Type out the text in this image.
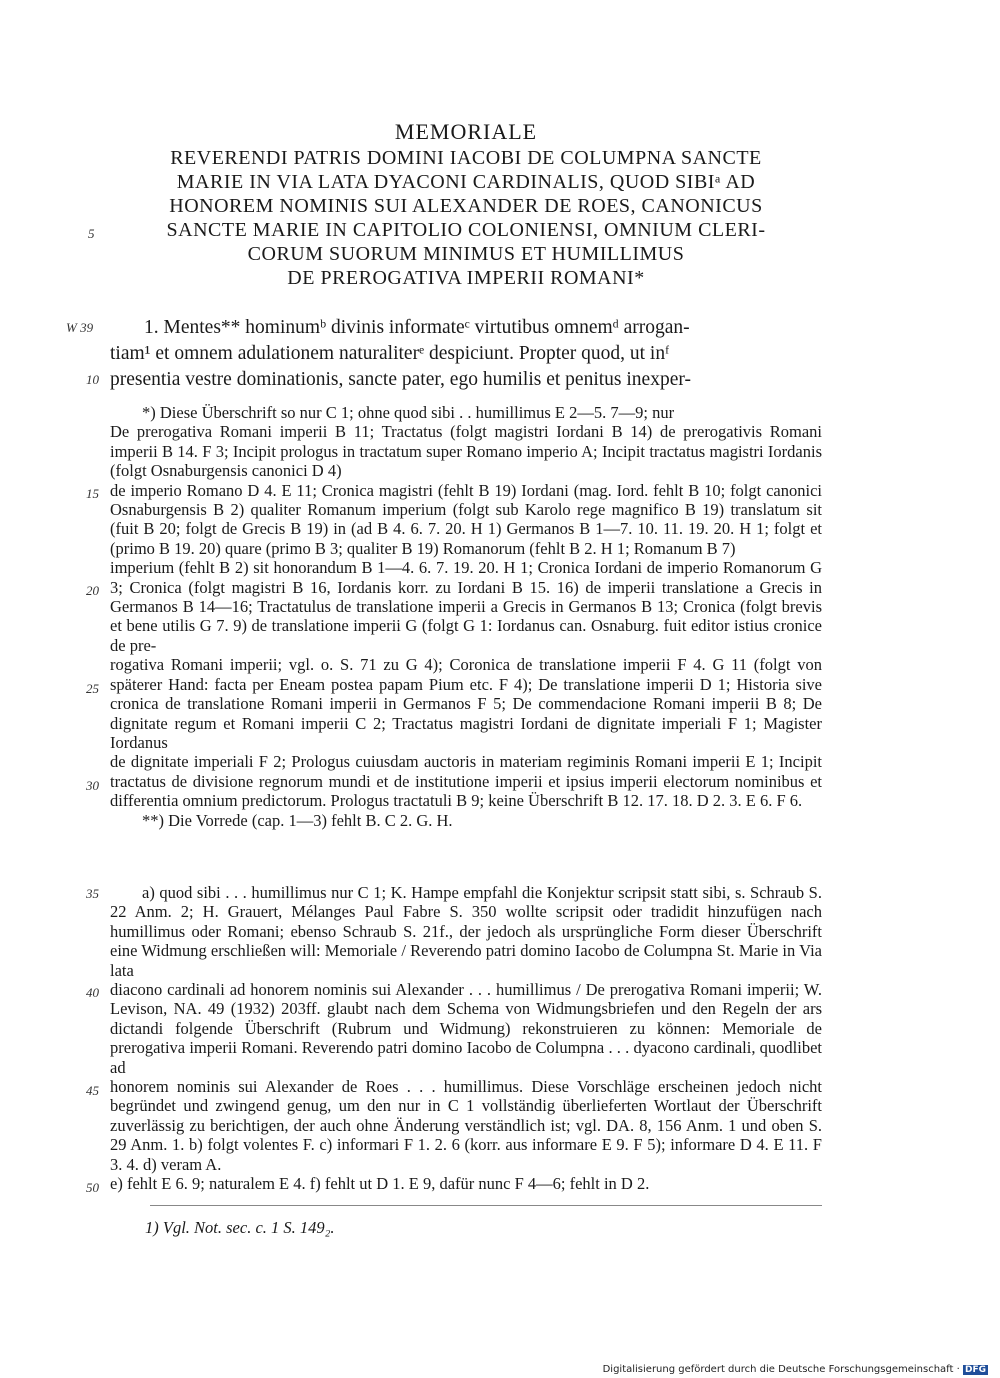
MEMORIALE
REVERENDI PATRIS DOMINI IACOBI DE COLUMPNA SANCTE
MARIE IN VIA LATA DYACONI CARDINALIS, QUOD SIBIᵃ AD
HONOREM NOMINIS SUI ALEXANDER DE ROES, CANONICUS
SANCTE MARIE IN CAPITOLIO COLONIENSI, OMNIUM CLERI-
CORUM SUORUM MINIMUS ET HUMILLIMUS
DE PREROGATIVA IMPERII ROMANI*
5
W 39
10

1. Mentes** hominumᵇ divinis informateᶜ virtutibus omnemᵈ arrogan-

tiam¹ et omnem adulationem naturaliterᵉ despiciunt. Propter quod, ut inᶠ

presentia vestre dominationis, sancte pater, ego humilis et penitus inexper-

15
20
25
30

*) Diese Überschrift so nur C 1; ohne quod sibi . . humillimus E 2—5. 7—9; nur

De prerogativa Romani imperii B 11; Tractatus (folgt magistri Iordani B 14) de prerogativis Romani imperii B 14. F 3; Incipit prologus in tractatum super Romano imperio A; Incipit tractatus magistri Iordanis (folgt Osnaburgensis canonici D 4)

de imperio Romano D 4. E 11; Cronica magistri (fehlt B 19) Iordani (mag. Iord. fehlt B 10; folgt canonici Osnaburgensis B 2) qualiter Romanum imperium (folgt sub Karolo rege magnifico B 19) translatum sit (fuit B 20; folgt de Grecis B 19) in (ad B 4. 6. 7. 20. H 1) Germanos B 1—7. 10. 11. 19. 20. H 1; folgt et (primo B 19. 20) quare (primo B 3; qualiter B 19) Romanorum (fehlt B 2. H 1; Romanum B 7)

imperium (fehlt B 2) sit honorandum B 1—4. 6. 7. 19. 20. H 1; Cronica Iordani de imperio Romanorum G 3; Cronica (folgt magistri B 16, Iordanis korr. zu Iordani B 15. 16) de imperii translatione a Grecis in Germanos B 14—16; Tractatulus de translatione imperii a Grecis in Germanos B 13; Cronica (folgt brevis et bene utilis G 7. 9) de translatione imperii G (folgt G 1: Iordanus can. Osnaburg. fuit editor istius cronice de pre-

rogativa Romani imperii; vgl. o. S. 71 zu G 4); Coronica de translatione imperii F 4. G 11 (folgt von späterer Hand: facta per Eneam postea papam Pium etc. F 4); De translatione imperii D 1; Historia sive cronica de translatione Romani imperii in Germanos F 5; De commendacione Romani imperii B 8; De dignitate regum et Romani imperii C 2; Tractatus magistri Iordani de dignitate imperiali F 1; Magister Iordanus

de dignitate imperiali F 2; Prologus cuiusdam auctoris in materiam regiminis Romani imperii E 1; Incipit tractatus de divisione regnorum mundi et de institutione imperii et ipsius imperii electorum nominibus et differentia omnium predictorum. Prologus tractatuli B 9; keine Überschrift B 12. 17. 18. D 2. 3. E 6. F 6.

**) Die Vorrede (cap. 1—3) fehlt B. C 2. G. H.

35
40
45
50

a) quod sibi . . . humillimus nur C 1; K. Hampe empfahl die Konjektur scripsit statt sibi, s. Schraub S. 22 Anm. 2; H. Grauert, Mélanges Paul Fabre S. 350 wollte scripsit oder tradidit hinzufügen nach humillimus oder Romani; ebenso Schraub S. 21f., der jedoch als ursprüngliche Form dieser Überschrift eine Widmung erschließen will: Memoriale / Reverendo patri domino Iacobo de Columpna St. Marie in Via lata

diacono cardinali ad honorem nominis sui Alexander . . . humillimus / De prerogativa Romani imperii; W. Levison, NA. 49 (1932) 203ff. glaubt nach dem Schema von Widmungsbriefen und den Regeln der ars dictandi folgende Überschrift (Rubrum und Widmung) rekonstruieren zu können: Memoriale de prerogativa imperii Romani. Reverendo patri domino Iacobo de Columpna . . . dyacono cardinali, quodlibet ad

honorem nominis sui Alexander de Roes . . . humillimus. Diese Vorschläge erscheinen jedoch nicht begründet und zwingend genug, um den nur in C 1 vollständig überlieferten Wortlaut der Überschrift zuverlässig zu berichtigen, der auch ohne Änderung verständlich ist; vgl. DA. 8, 156 Anm. 1 und oben S. 29 Anm. 1. b) folgt volentes F. c) informari F 1. 2. 6 (korr. aus informare E 9. F 5); informare D 4. E 11. F 3. 4. d) veram A.

e) fehlt E 6. 9; naturalem E 4. f) fehlt ut D 1. E 9, dafür nunc F 4—6; fehlt in D 2.

1) Vgl. Not. sec. c. 1 S. 149₂.
Digitalisierung gefördert durch die Deutsche Forschungsgemeinschaft · DFG
